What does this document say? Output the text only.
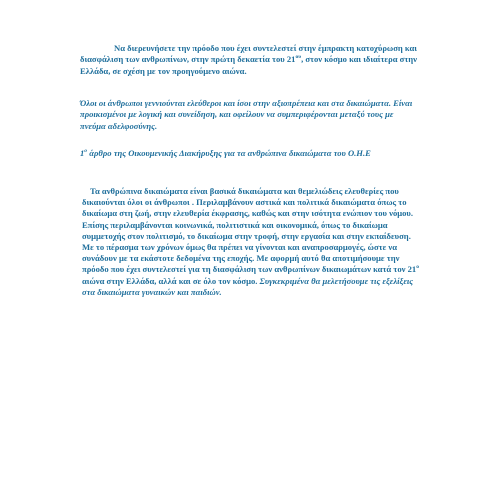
Να διερευνήσετε την πρόοδο που έχει συντελεστεί στην έμπρακτη κατοχύρωση και διασφάλιση των ανθρωπίνων, στην πρώτη δεκαετία του $21^{o\upsilon}$, στον κόσμο και ιδιαίτερα στην Ελλάδα, σε σχέση με τον προηγούμενο αιώνα.

Όλοι οι άνθρωποι γεννιούνται ελεύθεροι και ίσοι στην αξιοπρέπεια και στα δικαιώματα. Είναι προικισμένοι με λογική και συνείδηση, και οφείλουν να συμπεριφέρονται μεταξύ τους με πνεύμα αδελφοσύνης.

$1^o$ άρθρο της Οικουμενικής Διακήρυξης για τα ανθρώπινα δικαιώματα του Ο.Η.Ε

Τα ανθρώπινα δικαιώματα είναι βασικά δικαιώματα και θεμελιώδεις ελευθερίες που δικαιούνται όλοι οι άνθρωποι . Περιλαμβάνουν αστικά και πολιτικά δικαιώματα όπως το δικαίωμα στη ζωή, στην ελευθερία έκφρασης, καθώς και στην ισότητα ενώπιον του νόμου. Επίσης περιλαμβάνονται κοινωνικά, πολιτιστικά και οικονομικά, όπως το δικαίωμα συμμετοχής στον πολιτισμό, το δικαίωμα στην τροφή, στην εργασία και στην εκπαίδευση. Με το πέρασμα των χρόνων όμως θα πρέπει να γίνονται και αναπροσαρμογές, ώστε να συνάδουν με τα εκάστοτε δεδομένα της εποχής. Με αφορμή αυτό θα αποτιμήσουμε την πρόοδο που έχει συντελεστεί για τη διασφάλιση των ανθρωπίνων δικαιωμάτων κατά τον $21^o$ αιώνα στην Ελλάδα, αλλά και σε όλο τον κόσμο. Συγκεκριμένα θα μελετήσουμε τις εξελίξεις στα δικαιώματα γυναικών και παιδιών.
